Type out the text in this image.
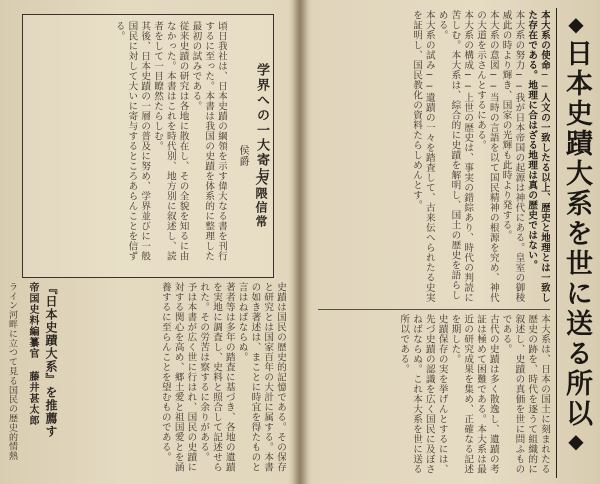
◆日本史蹟大系を世に送る所以◆

本大系の使命──人文の一致したる以上、歴史と地理とは一致した存在である。地理に合はざる地理は真の歴史ではない。

本大系の努力──我が日本帝国の起源は神代にある。皇室の御稜威此の時より輝き、国家の光輝も此時より発する。

本大系の意図──当時の言語を以て国民精神の根源を究め、神代の大道を示さんとするにある。

本大系の構成──上世の歴史は、事実の錯綜あり、時代の判読に苦しむ。本大系は、綜合的に史蹟を解明し、国土の歴史を語らしめる。

本大系の試み──遺蹟の一々を踏査して、古来伝へられたる史実を証明し、国民教化の資料たらしめんとす。

本大系は、日本の国土に刻まれたる歴史の跡を、時代を逐うて組織的に叙述し、史蹟の真価を世に問ふものである。

古代の史蹟は多く散逸し、遺蹟の考証は極めて困難である。本大系は最近の研究成果を集め、正確なる記述を期した。

史蹟保存の実を挙げんとするには、先づ史蹟の認識を広く国民に及ぼさねばならぬ。これ本大系を世に送る所以である。

学界への一大寄与
侯爵
大隈信常

頃日我社は、日本史蹟の綱領を示す偉大なる書を刊行するに至った。本書は我国の史蹟を体系的に整理した最初の試みである。

従来史蹟の研究は各地に散在し、その全貌を知るに由なかった。本書はこれを時代別、地方別に叙述し、読者をして一目瞭然たらしむ。

其後、日本史蹟の一層の普及に努め、学界並びに一般国民に対して大いに寄与するところあらんことを信ずる。

『日本史蹟大系』を推薦す
帝国史料編纂官 藤井甚太郎
ライン河畔に立つて見る国民の歴史的情熱	史蹟は国民の歴史的記憶である。その保存と研究とは国家百年の大計に属する。本書の如き著述は、まことに時宜を得たものと言はねばならぬ。

著者等は多年の踏査に基づき、各地の遺蹟を実地に調査し、史料と照合して記述せられた。その労苦は察するに余りがある。

予は本書が広く世に行はれ、国民の史蹟に対する関心を高め、郷土愛と祖国愛とを涵養するに至らんことを望むものである。
